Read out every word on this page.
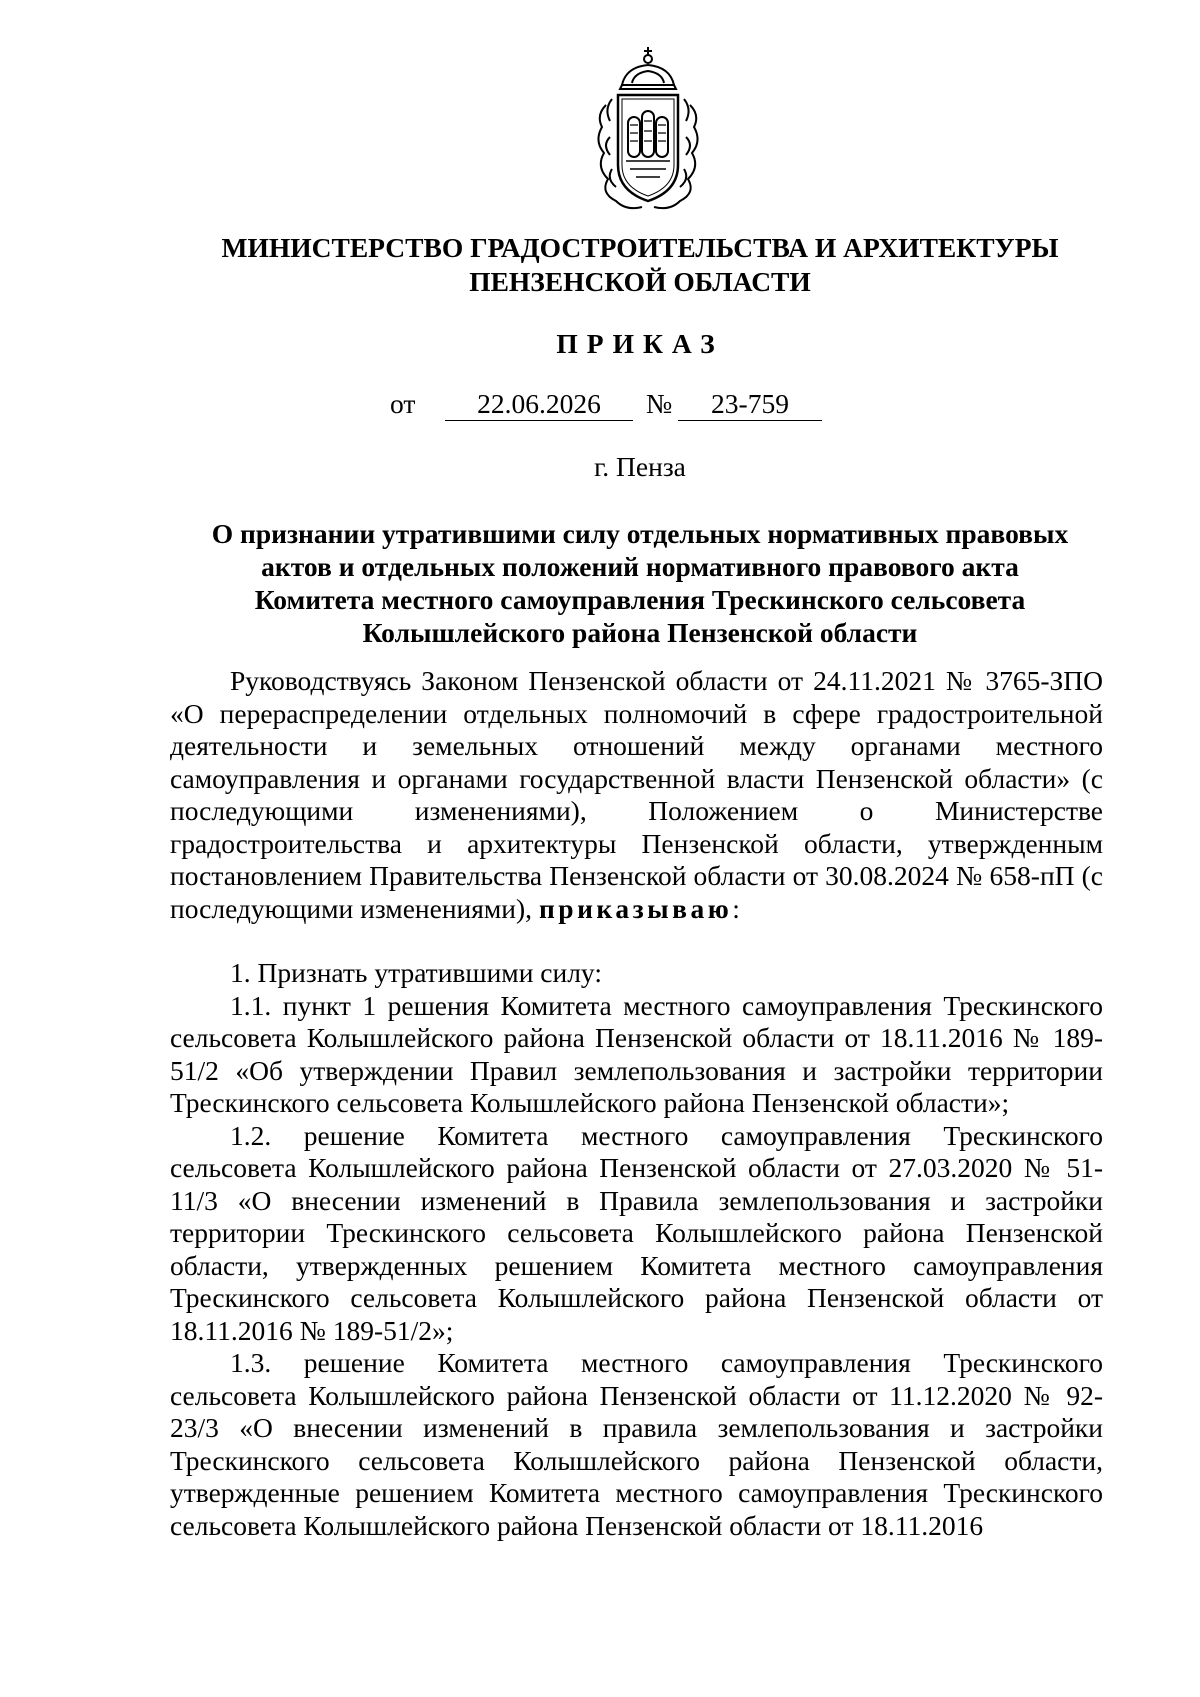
МИНИСТЕРСТВО ГРАДОСТРОИТЕЛЬСТВА И АРХИТЕКТУРЫ
ПЕНЗЕНСКОЙ ОБЛАСТИ
ПРИКАЗ
от	22.06.2026	№	23-759
г. Пенза
О признании утратившими силу отдельных нормативных правовых
актов и отдельных положений нормативного правового акта
Комитета местного самоуправления Трескинского сельсовета
Колышлейского района Пензенской области

Руководствуясь Законом Пензенской области от 24.11.2021 № 3765-ЗПО «О перераспределении отдельных полномочий в сфере градостроительной деятельности и земельных отношений между органами местного самоуправления и органами государственной власти Пензенской области» (с последующими изменениями), Положением о Министерстве градостроительства и архитектуры Пензенской области, утвержденным постановлением Правительства Пензенской области от 30.08.2024 № 658-пП (с последующими изменениями), приказываю:

1. Признать утратившими силу:

1.1. пункт 1 решения Комитета местного самоуправления Трескинского сельсовета Колышлейского района Пензенской области от 18.11.2016 № 189-51/2 «Об утверждении Правил землепользования и застройки территории Трескинского сельсовета Колышлейского района Пензенской области»;

1.2. решение Комитета местного самоуправления Трескинского сельсовета Колышлейского района Пензенской области от 27.03.2020 № 51-11/3 «О внесении изменений в Правила землепользования и застройки территории Трескинского сельсовета Колышлейского района Пензенской области, утвержденных решением Комитета местного самоуправления Трескинского сельсовета Колышлейского района Пензенской области от 18.11.2016 № 189-51/2»;

1.3. решение Комитета местного самоуправления Трескинского сельсовета Колышлейского района Пензенской области от 11.12.2020 № 92-23/3 «О внесении изменений в правила землепользования и застройки Трескинского сельсовета Колышлейского района Пензенской области, утвержденные решением Комитета местного самоуправления Трескинского сельсовета Колышлейского района Пензенской области от 18.11.2016
